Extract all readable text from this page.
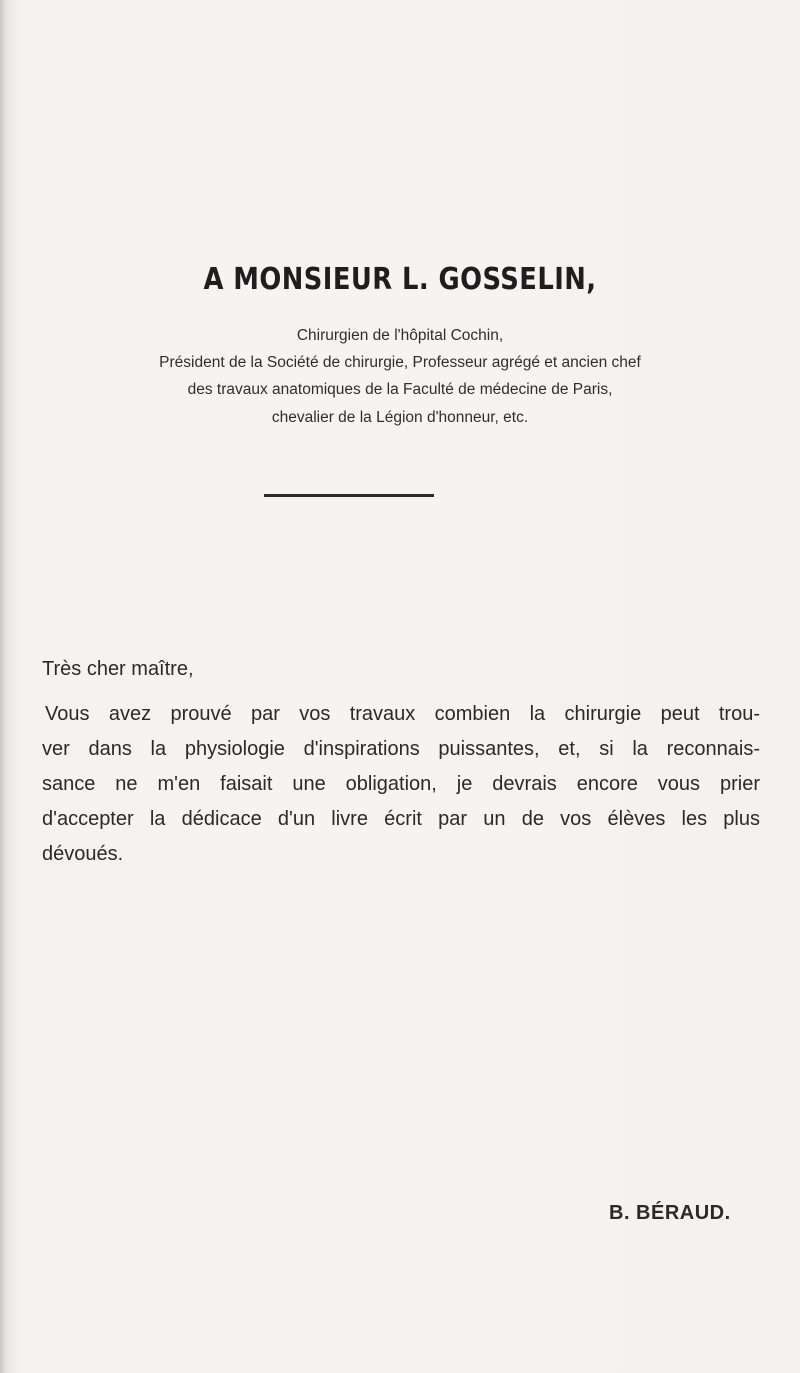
A MONSIEUR L. GOSSELIN,
Chirurgien de l'hôpital Cochin,
Président de la Société de chirurgie, Professeur agrégé et ancien chef
des travaux anatomiques de la Faculté de médecine de Paris,
chevalier de la Légion d'honneur, etc.
Très cher maître,
Vous avez prouvé par vos travaux combien la chirurgie peut trou-
ver dans la physiologie d'inspirations puissantes, et, si la reconnais-
sance ne m'en faisait une obligation, je devrais encore vous prier
d'accepter la dédicace d'un livre écrit par un de vos élèves les plus
dévoués.
B. BÉRAUD.
